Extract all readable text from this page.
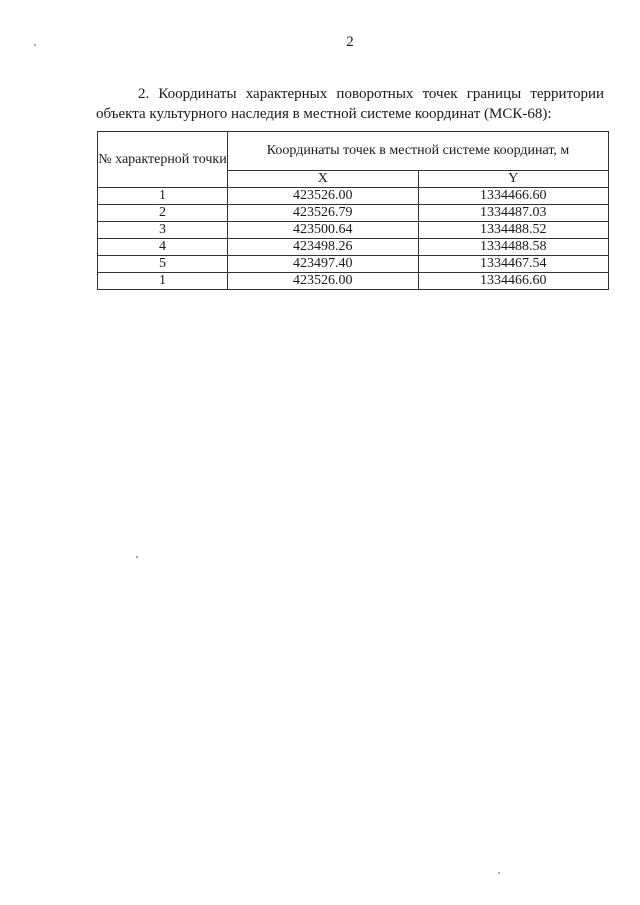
2

2. Координаты характерных поворотных точек границы территории объекта культурного наследия в местной системе координат (МСК-68):

№ характерной точки	Координаты точек в местной системе координат, м	
	X	Y
1	423526.00	1334466.60
2	423526.79	1334487.03
3	423500.64	1334488.52
4	423498.26	1334488.58
5	423497.40	1334467.54
1	423526.00	1334466.60
